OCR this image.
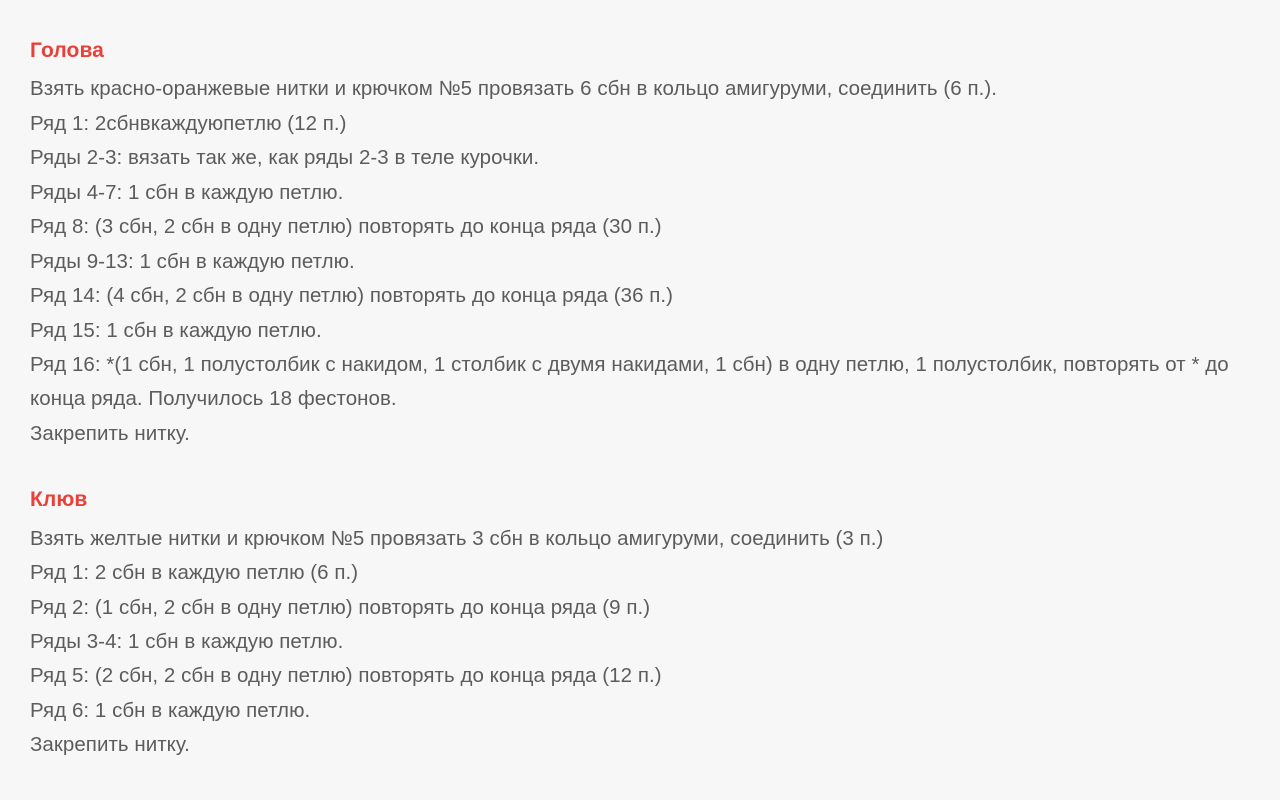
Голова

Взять красно-оранжевые нитки и крючком №5 провязать 6 сбн в кольцо амигуруми, соединить (6 п.).

Ряд 1: 2сбнвкаждуюпетлю (12 п.)

Ряды 2-3: вязать так же, как ряды 2-3 в теле курочки.

Ряды 4-7: 1 сбн в каждую петлю.

Ряд 8: (3 сбн, 2 сбн в одну петлю) повторять до конца ряда (30 п.)

Ряды 9-13: 1 сбн в каждую петлю.

Ряд 14: (4 сбн, 2 сбн в одну петлю) повторять до конца ряда (36 п.)

Ряд 15: 1 сбн в каждую петлю.

Ряд 16: *(1 сбн, 1 полустолбик с накидом, 1 столбик с двумя накидами, 1 сбн) в одну петлю, 1 полустолбик, повторять от * до конца ряда. Получилось 18 фестонов.

Закрепить нитку.

Клюв

Взять желтые нитки и крючком №5 провязать 3 сбн в кольцо амигуруми, соединить (3 п.)

Ряд 1: 2 сбн в каждую петлю (6 п.)

Ряд 2: (1 сбн, 2 сбн в одну петлю) повторять до конца ряда (9 п.)

Ряды 3-4: 1 сбн в каждую петлю.

Ряд 5: (2 сбн, 2 сбн в одну петлю) повторять до конца ряда (12 п.)

Ряд 6: 1 сбн в каждую петлю.

Закрепить нитку.
